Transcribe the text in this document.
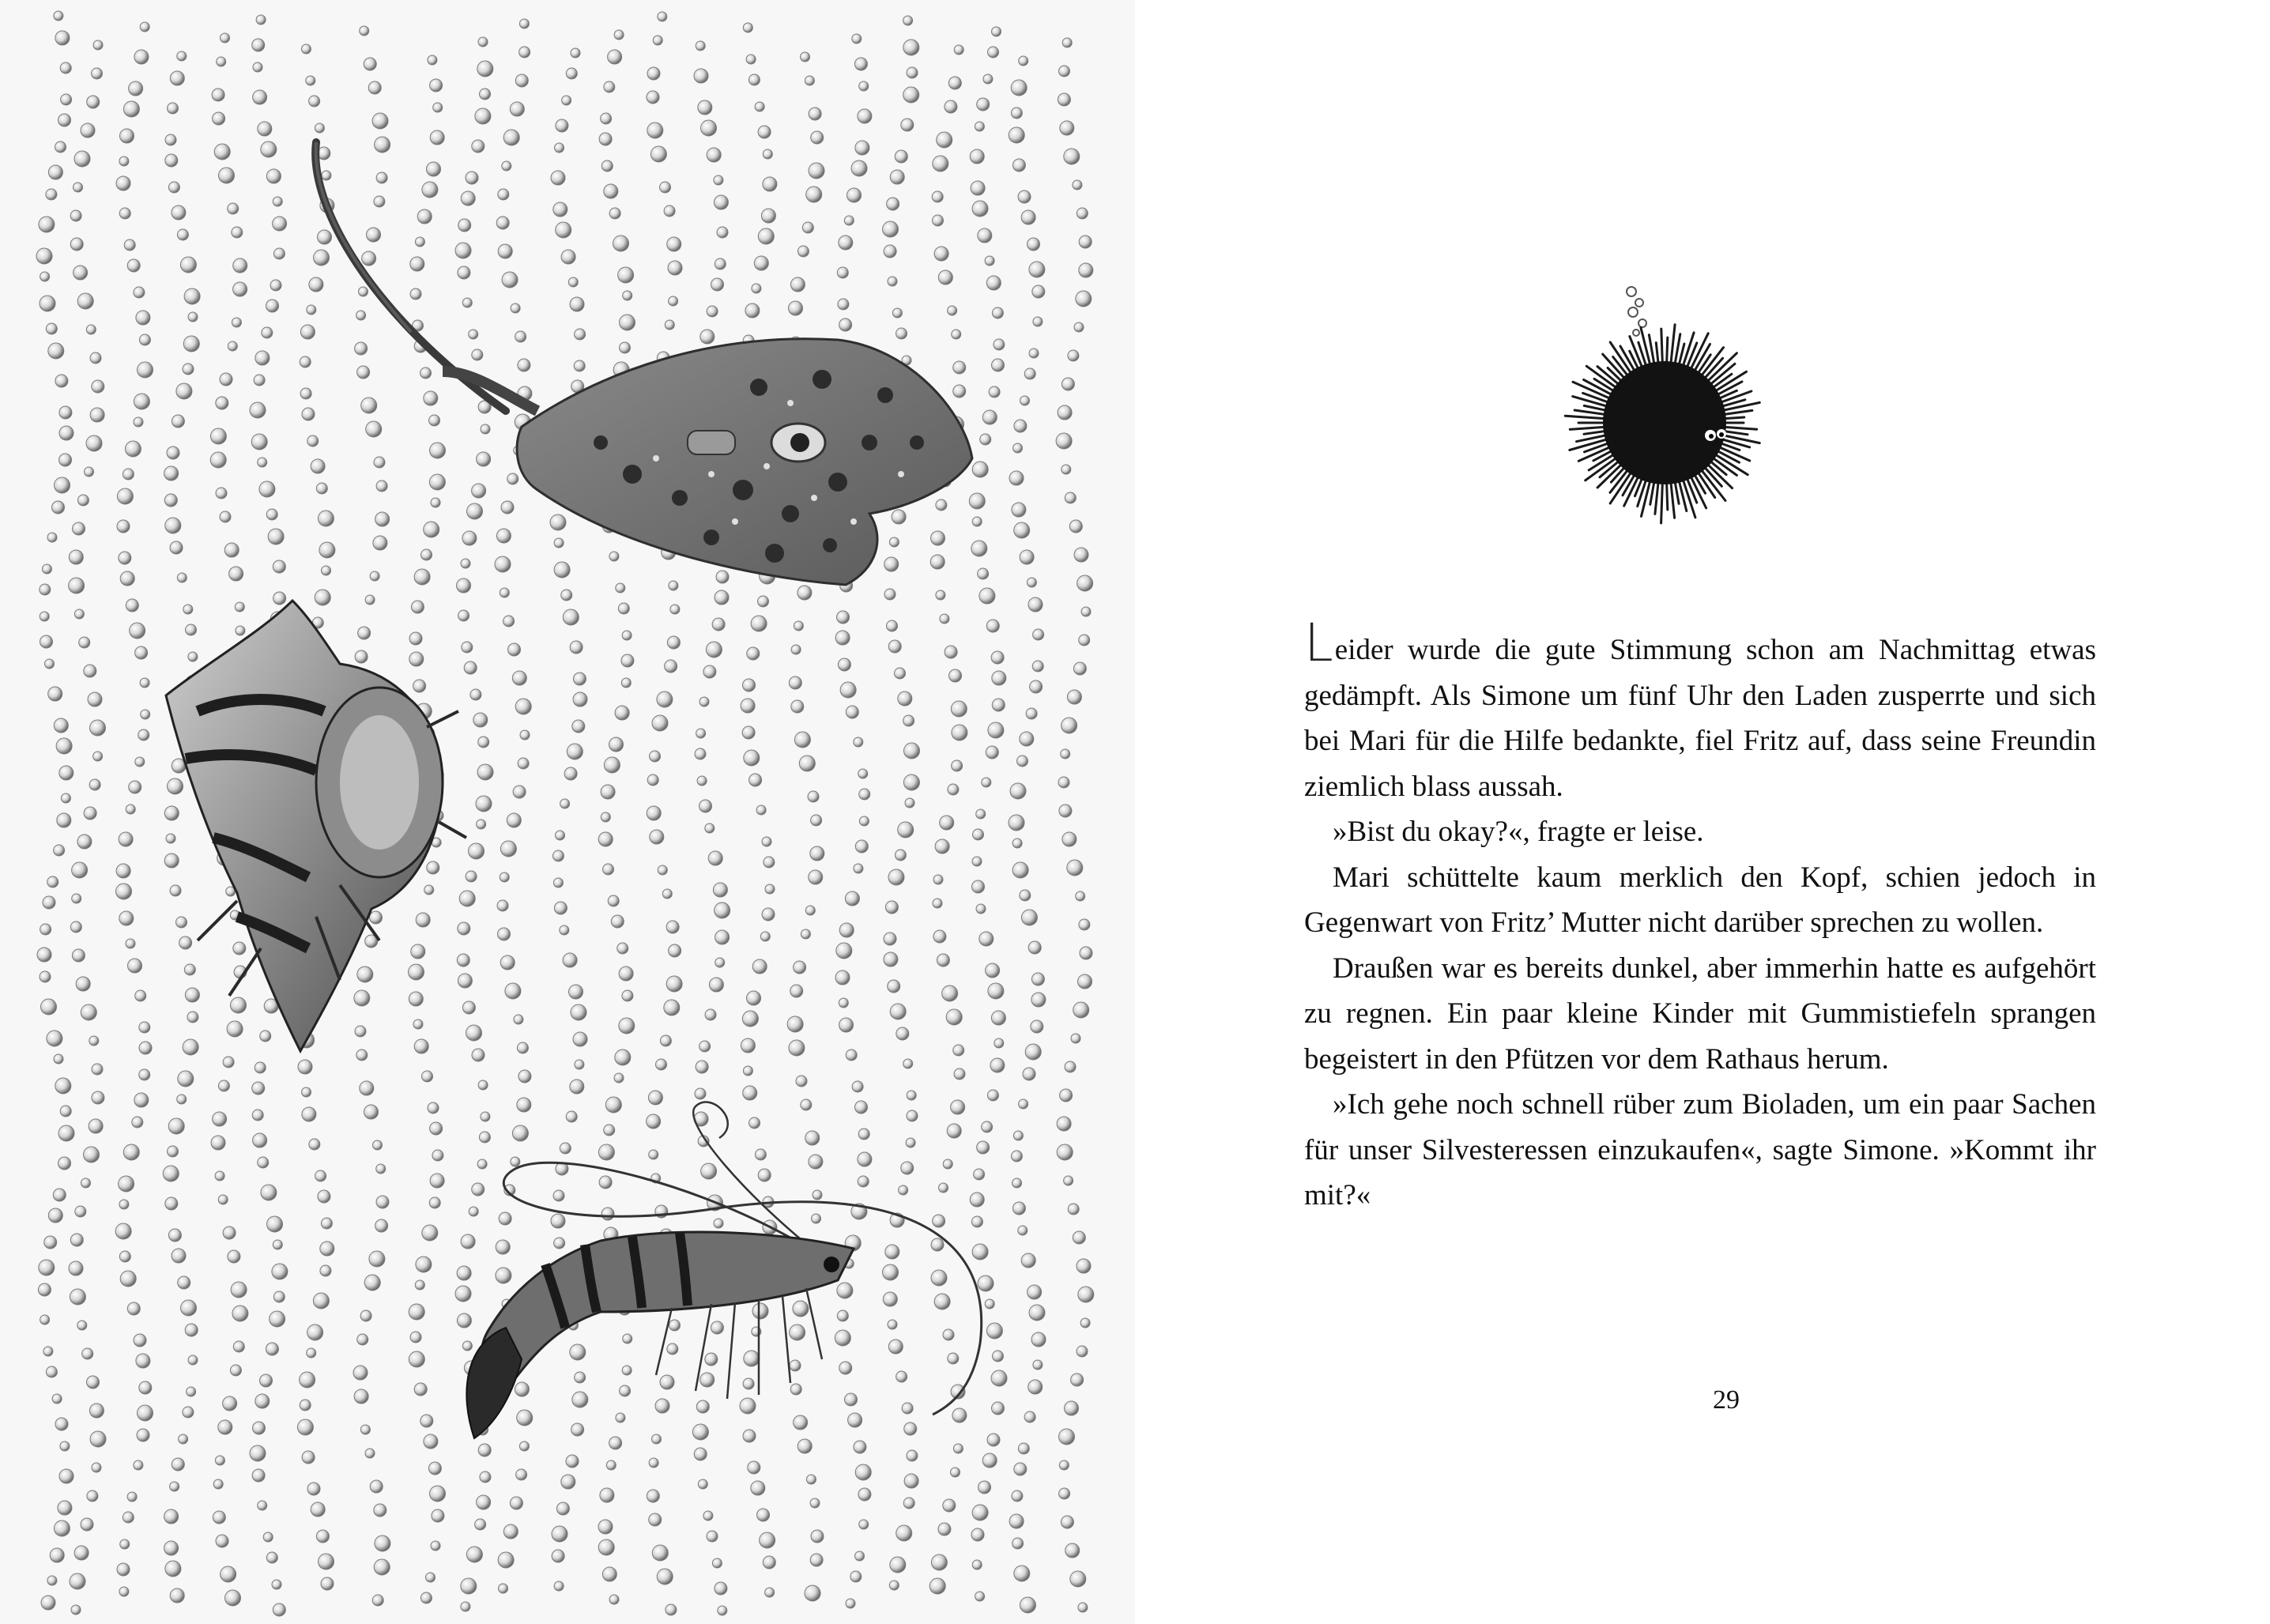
Leider wurde die gute Stimmung schon am Nachmittag etwas gedämpft. Als Simone um fünf Uhr den Laden zusperrte und sich bei Mari für die Hilfe bedankte, fiel Fritz auf, dass seine Freundin ziemlich blass aussah.

»Bist du okay?«, fragte er leise.

Mari schüttelte kaum merklich den Kopf, schien jedoch in Gegenwart von Fritz’ Mutter nicht darüber sprechen zu wollen.

Draußen war es bereits dunkel, aber immerhin hatte es aufgehört zu regnen. Ein paar kleine Kinder mit Gummistiefeln sprangen begeistert in den Pfützen vor dem Rathaus herum.

»Ich gehe noch schnell rüber zum Bioladen, um ein paar Sachen für unser Silvesteressen einzukaufen«, sagte Simone. »Kommt ihr mit?«

29
